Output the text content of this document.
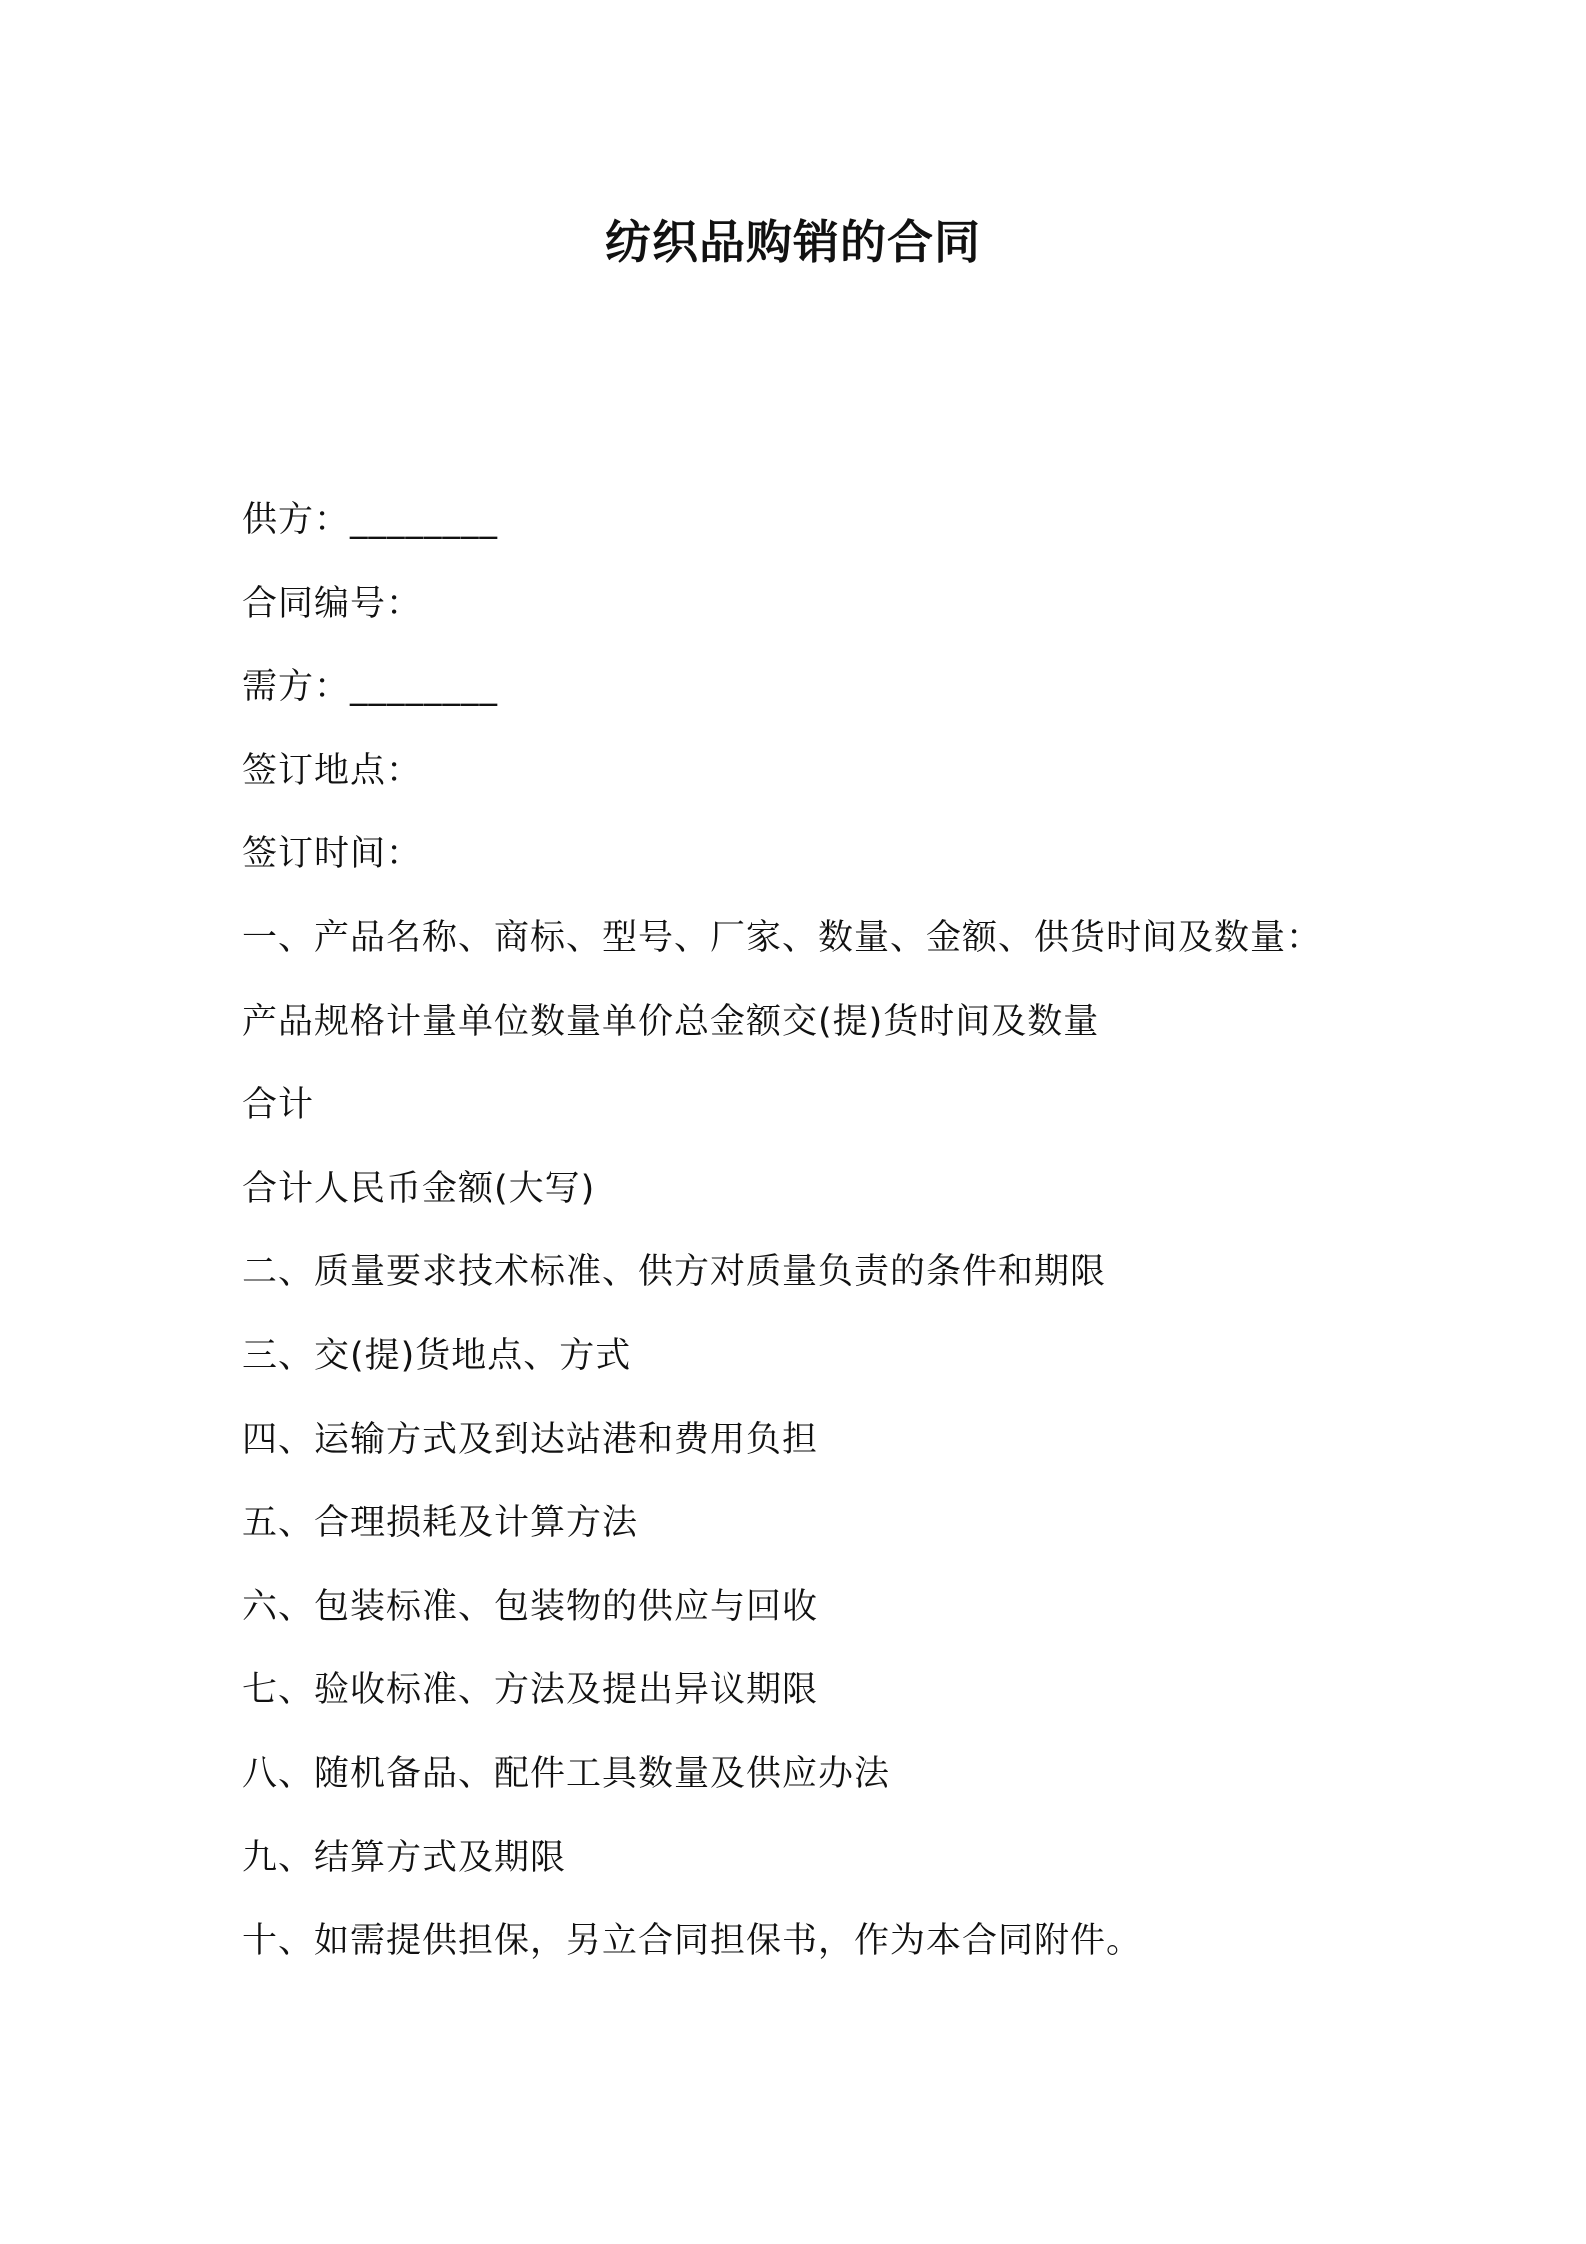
纺织品购销的合同
供方：________
合同编号：
需方：________
签订地点：
签订时间：
一、产品名称、商标、型号、厂家、数量、金额、供货时间及数量：
产品规格计量单位数量单价总金额交(提)货时间及数量
合计
合计人民币金额(大写)
二、质量要求技术标准、供方对质量负责的条件和期限
三、交(提)货地点、方式
四、运输方式及到达站港和费用负担
五、合理损耗及计算方法
六、包装标准、包装物的供应与回收
七、验收标准、方法及提出异议期限
八、随机备品、配件工具数量及供应办法
九、结算方式及期限
十、如需提供担保，另立合同担保书，作为本合同附件。
